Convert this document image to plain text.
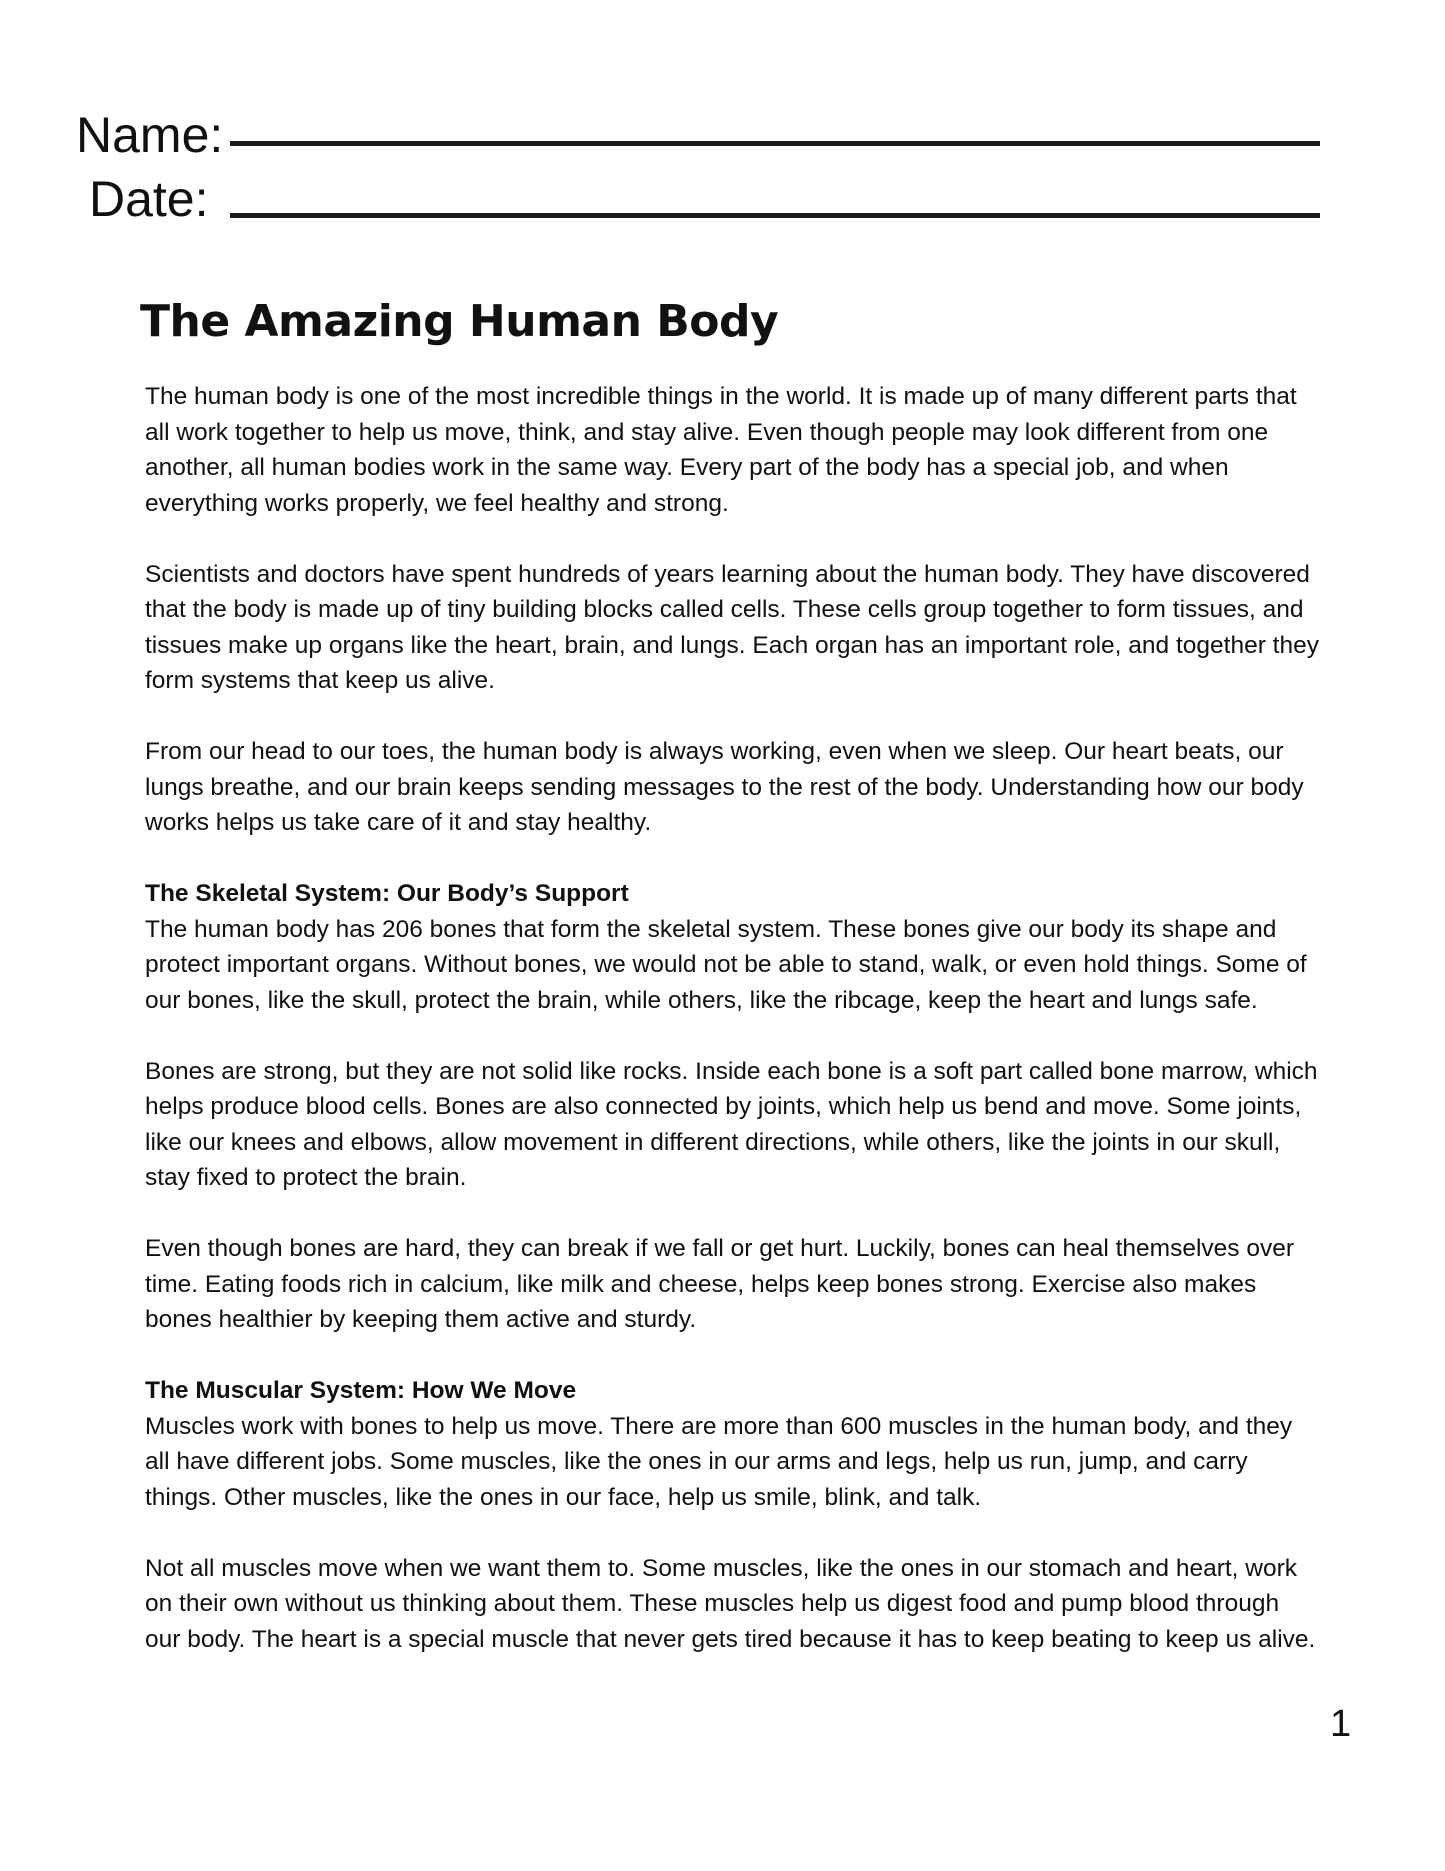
Name:
Date:
The Amazing Human Body

The human body is one of the most incredible things in the world. It is made up of many different parts that all work together to help us move, think, and stay alive. Even though people may look different from one another, all human bodies work in the same way. Every part of the body has a special job, and when everything works properly, we feel healthy and strong.

Scientists and doctors have spent hundreds of years learning about the human body. They have discovered that the body is made up of tiny building blocks called cells. These cells group together to form tissues, and tissues make up organs like the heart, brain, and lungs. Each organ has an important role, and together they form systems that keep us alive.

From our head to our toes, the human body is always working, even when we sleep. Our heart beats, our lungs breathe, and our brain keeps sending messages to the rest of the body. Understanding how our body works helps us take care of it and stay healthy.

The Skeletal System: Our Body’s Support
The human body has 206 bones that form the skeletal system. These bones give our body its shape and protect important organs. Without bones, we would not be able to stand, walk, or even hold things. Some of our bones, like the skull, protect the brain, while others, like the ribcage, keep the heart and lungs safe.

Bones are strong, but they are not solid like rocks. Inside each bone is a soft part called bone marrow, which helps produce blood cells. Bones are also connected by joints, which help us bend and move. Some joints, like our knees and elbows, allow movement in different directions, while others, like the joints in our skull, stay fixed to protect the brain.

Even though bones are hard, they can break if we fall or get hurt. Luckily, bones can heal themselves over time. Eating foods rich in calcium, like milk and cheese, helps keep bones strong. Exercise also makes bones healthier by keeping them active and sturdy.

The Muscular System: How We Move
Muscles work with bones to help us move. There are more than 600 muscles in the human body, and they all have different jobs. Some muscles, like the ones in our arms and legs, help us run, jump, and carry things. Other muscles, like the ones in our face, help us smile, blink, and talk.

Not all muscles move when we want them to. Some muscles, like the ones in our stomach and heart, work on their own without us thinking about them. These muscles help us digest food and pump blood through our body. The heart is a special muscle that never gets tired because it has to keep beating to keep us alive.

1
